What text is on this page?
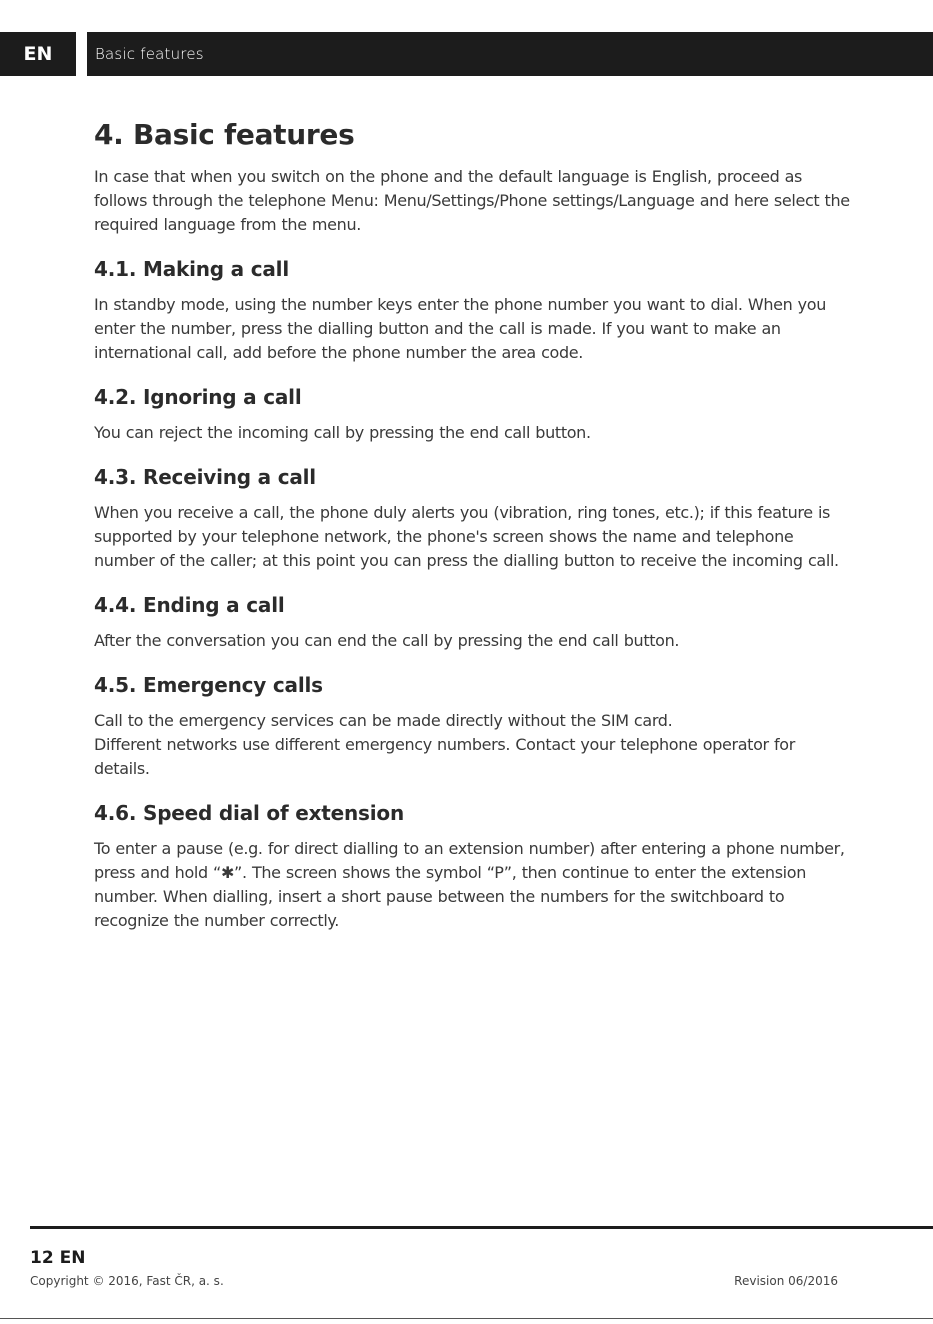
EN	Basic features
4. Basic features

In case that when you switch on the phone and the default language is English, proceed as follows through the telephone Menu: Menu/Settings/Phone settings/Language and here select the required language from the menu.

4.1. Making a call

In standby mode, using the number keys enter the phone number you want to dial. When you enter the number, press the dialling button and the call is made. If you want to make an international call, add before the phone number the area code.

4.2. Ignoring a call

You can reject the incoming call by pressing the end call button.

4.3. Receiving a call

When you receive a call, the phone duly alerts you (vibration, ring tones, etc.); if this feature is supported by your telephone network, the phone's screen shows the name and telephone number of the caller; at this point you can press the dialling button to receive the incoming call.

4.4. Ending a call

After the conversation you can end the call by pressing the end call button.

4.5. Emergency calls

Call to the emergency services can be made directly without the SIM card.

Different networks use different emergency numbers. Contact your telephone operator for details.

4.6. Speed dial of extension

To enter a pause (e.g. for direct dialling to an extension number) after entering a phone number, press and hold “✱”. The screen shows the symbol “P”, then continue to enter the extension number. When dialling, insert a short pause between the numbers for the switchboard to recognize the number correctly.

12 EN
Copyright © 2016, Fast ČR, a. s.	Revision 06/2016
